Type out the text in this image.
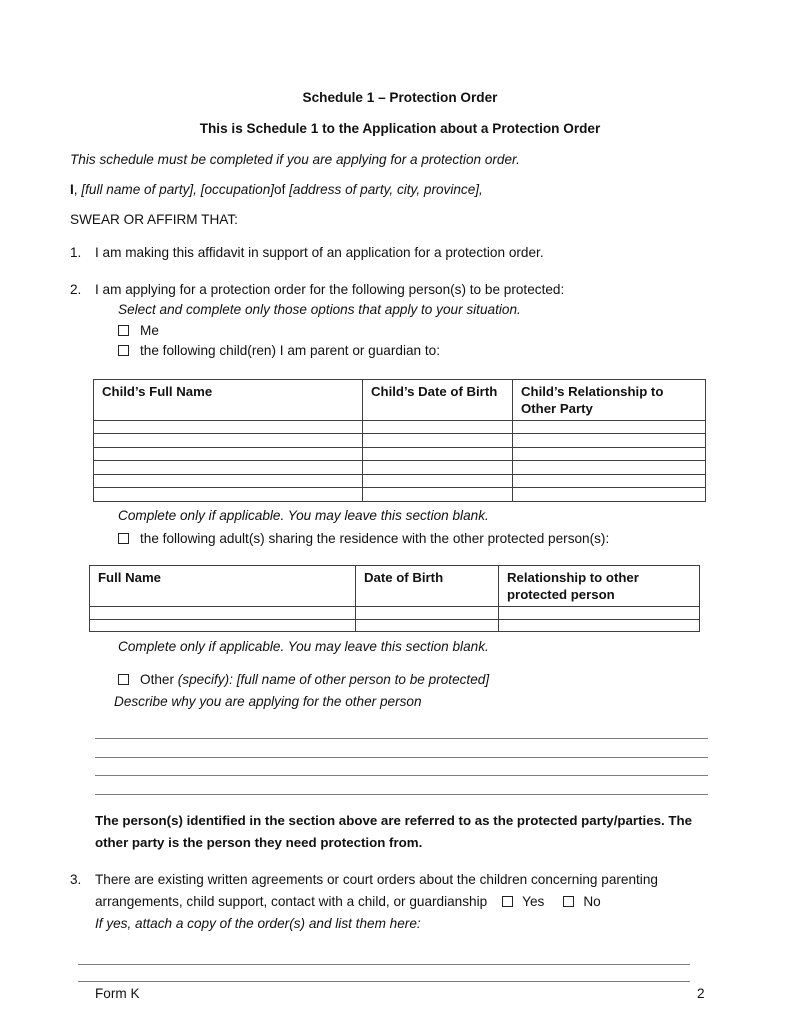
Schedule 1 – Protection Order

This is Schedule 1 to the Application about a Protection Order

This schedule must be completed if you are applying for a protection order.

I, [full name of party], [occupation]of [address of party, city, province],

SWEAR OR AFFIRM THAT:

1.	I am making this affidavit in support of an application for a protection order.
2.	I am applying for a protection order for the following person(s) to be protected:
Select and complete only those options that apply to your situation.
Me
the following child(ren) I am parent or guardian to:
Child’s Full Name	Child’s Date of Birth	Child’s Relationship to Other Party

Complete only if applicable. You may leave this section blank.
the following adult(s) sharing the residence with the other protected person(s):
Full Name	Date of Birth	Relationship to other protected person

Complete only if applicable. You may leave this section blank.
Other (specify): [full name of other person to be protected]
Describe why you are applying for the other person
The person(s) identified in the section above are referred to as the protected party/parties. The other party is the person they need protection from.
3.	There are existing written agreements or court orders about the children concerning parenting arrangements, child support, contact with a child, or guardianship	Yes	No
If yes, attach a copy of the order(s) and list them here:
Form K	2
